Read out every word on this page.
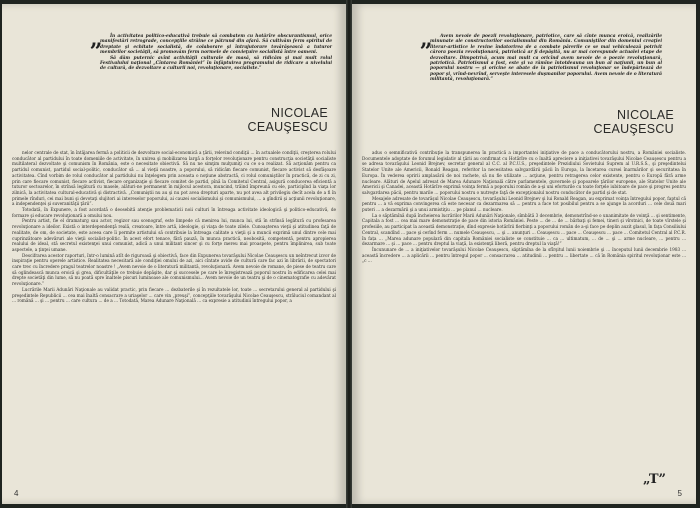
„	În activitatea politico-educativă trebuie să combatem cu hotărîre obscurantismul, orice manifestări retrograde, concepţiile străine ce pătrund din afară. Să cultivăm ferm spiritul de dreptate şi echitate socialistă, de colaborare şi întrajutorare tovărăşească a tuturor membrilor societăţii, să promovăm ferm normele de convieţuire socialistă între oameni.

Să dăm puternic avînt activităţii culturale de masă, să ridicăm şi mai mult rolul Festivalului naţional „Cîntarea României” în înfăptuirea programului de ridicare a nivelului de cultură, de dezvoltare a culturii noi, revoluţionare, socialiste.”

NICOLAE CEAUŞESCU

nelor centrale de stat, în întăjarea fermă a politicii de dezvoltare social-economică a ţării, relevind condiţii ... în actualele condiţii, creşterea rolului conducător al partidului în toate domeniile de activitate, în unirea şi mobilizarea largă a forţelor revoluţionare pentru construcţia societăţii socialiste multilateral dezvoltate şi comunism în România, este o necesitate obiectivă. Să nu ne simţim mulţumiţi cu ce s-a realizat. Să acţionăm pentru ca partidul comunist, partidul social-politic, conducător să ... al vieţii noastre, a poporului, să ridicăm fiecare comunist, fiecare activist să desfăşoare activitatea. Cînd vorbim de rolul conducător al partidului nu înţelegem prin aceasta o noţiune abstractă, ci rolul comuniştilor în practică, de zi cu zi, prin care fiecare comunist, fiecare activist, fiecare organizaţie şi fiecare comitet de partid, pînă la Comitetul Central, asigură conducerea eficientă a tuturor sectoarelor, în strînsă legătură cu masele, alături-ne permanent în mijlocul acestora, muncind, trăind împreună cu ele, participînd la viaţa lor zilnică, la activitatea cultural-educativă şi distractivă. „Comuniştii nu au şi nu pot avea drepturi aparte, nu pot avea alt privilegiu decît acela de a fi în primele rînduri, cei mai buni şi devotaţi slujitori ai intereselor poporului, ai cauzei socialismului şi comunismului, ... a gîndirii şi acţiunii revoluţionare, a independenţei şi suveranităţii ţării”.

Totodată, în Expunere, a fost acordată o deosebită atenţie problematicii noii culturi în întreaga activitate ideologică şi politico-educativă, de formare şi educare revoluţionară a omului nou.

Pentru artist, fie el dramaturg sau actor, regizor sau scenograf, este limpede că menirea lui, munca lui, stă în strînsă legătură cu profesarea revoluţionare a ideilor. Există o interdependenţă reală, creatoare, între artă, ideologie, şi viaţa de toate zilele. Cunoaşterea vieţii şi atitudinea faţă de realitate, de om, de societate, este aceea care îi permite artistului să contribuie la întreaga calitate a vieţii şi a muncii exprimă unul dintre cele mai cuprinzătoare adevăruri ale vieţii socialist-politic. În acest efort tenace, fără pauză, în munca practică, neobosită, competentă, pentru apropierea realului de ideal, stă secretul existenţei unui comunist, adică a unui militant sincer şi cu forţe mereu mai proaspete, pentru împlinirea, sub toate aspectele, a ţinţei umane.

Descifrarea acestor raporturi, într-o lumină atît de riguroasă şi obiectivă, face din Expunerea tovarăşului Nicolae Ceauşescu un neîntrecut izvor de inspiraţie pentru operele artistice. Realitatea necesitară ale condiţiei omului de azi, aici cîntate avide de cultură care fac azi în librării, de spectatori care trec cu încredere pragul teatrelor noastre ! „Avem nevoie de o literatură militantă, revoluţionară. Avem nevoie de romane, de piese de teatru care să oglindească munca eroică şi grea, dificultăţile ce trebuie depăşite, dar şi succesele pe care le înregistrează poporul nostru în edificarea celei mai drepte societăţi din lume, să nu poată spre înaltele piscuri luminoase ale comunismului... Avem nevoie de un teatru şi de o cinematografie cu adevărat revoluţionare.”

Lucrările Marii Adunări Naţionale au validat practic, prin fiecare ... dezbaterile şi în rezultatele lor, toate ... secretarului general al partidului şi preşedintele Republicii ... cea mai înaltă consacrare a uriaşelor ... care vin „preuşi”, concepţiile tovarăşului Nicolae Ceauşescu, străluciul comandant al ... română ... şi ... pentru ... care cultura ... de a ... Totodată, Marea Adunare Naţională ... ca expresie a atitudinii întregului popor, a

4
„	Avem nevoie de poezii revoluţionare, patriotice, care să cînte munca eroică, realizările minunate ale constructorilor socialismului din România. Comuniştilor din domeniul creaţiei literar-artistice le revine îndatorirea de a combate părerile ce se mai vehiculează potrivit cărora poezia revoluţionară, patriotică ar fi depăşită, nu ar mai corespunde actualei etape de dezvoltare. Dimpotrivă, acum mai mult ca oricînd avem nevoie de o poezie revoluţionară, patriotică. Patriotismul a fost, este şi va rămîne întotdeauna un bun al naţiunii, un bun al poporului nostru — şi oricine se abate de la patriotismul revoluţionar se îndepărtează de popor şi, vrînd-nevrînd, serveşte interesele duşmanilor poporului. Avem nevoie de o literatură militantă, revoluţionară.”

NICOLAE CEAUŞESCU

adus o semnificativă contribuţie la transpunerea în practică a importantei iniţiative de pace a conducătorului nostru, a României socialiste. Documentele adoptate de forumul legislativ al ţării au confirmat cu Hotărîre cu o înaltă apreciere a iniţiativei tovarăşului Nicolae Ceauşescu pentru a se adresa tovarăşului Leonid Brejnev, secretar general al C.C. al P.C.U.S., preşedintele Prezidiului Sovietului Suprem al U.R.S.S., şi preşedintelui Statelor Unite ale Americii, Ronald Reagan, referitor la necesitatea salvgardării păcii în Europa, la încetarea cursei înarmărilor şi securitatea în Europa. În vederea opririi amplasării de noi rachete, să nu fie utilizate ... acţiune, pentru retragerea celor existente, pentru o Europă fără arme nucleare. Alături de Apelul adresat de Marea Adunare Naţională către parlamentele, guvernele şi popoarele ţărilor europene, ale Statelor Unite ale Americii şi Canadei, această Hotărîre exprimă voinţa fermă a poporului român de a-şi uni eforturile cu toate forţele iubitoare de pace şi progres pentru salvgardarea păcii, pentru marile ... poporului nostru o nutreşte faţă de excepţionalul nostru conducător de partid şi de stat.

Mesajele adresate de tovarăşul Nicolae Ceauşescu, tovarăşului Leonid Brejnev şi lui Ronald Reagan, au exprimat voinţa întregului popor, faptul că pentru ... a vă exprima convingerea că este necesar ca dezarmarea să ... pentru a face tot posibilul pentru a se ajunge la acorduri ... cele două mari puteri ... a dezarmării şi a unui armistiţiu ... pe planul ... nucleare.

La o săptămînă după încheierea lucrărilor Marii Adunări Naţionale, sîmbătă 3 decembrie, demonstrînd-se o unanimitate de voinţă ... şi sentimente, Capitala a fost ... cea mai mare demonstraţie de pace din istoria României. Peste ... de ... de ... bărbaţi şi femei, tineri şi vîrstnici, de toate vîrstele şi profesiile, au participat la această demonstraţie, dînd expresie hotărîrii fierbinţi a poporului român de a-şi face pe deplin auzit glasul, în faţa Consiliului Central, scandînd ... pace şi cerînd ferm ... numele Ceauşescu, ... şi ... anunţuri ... Ceauşescu ... pace ... Ceauşescu ... pace ... Comitetul Central al P.C.R. în fața ... „Marea adunare populară din capitala României socialiste se constituie ... ca ... ultimatum, ... de ... şi ... arme nucleare, ... pentru ... dezarmare ... şi ... pace ... pentru dreptul la viaţă, la existenţă liberă, pentru dreptul la viaţă!”

Încununare de ... a iniţiativelor tovarăşului Nicolae Ceauşescu, săptămîna de la sfîrşitul lunii noiembrie şi ... începutul lunii decembrie 1983 ... această încredere ... a aplicării ... pentru întregul popor ... consacrarea ... atitudinii ... pentru ... libertate ... că în România spiritul revoluţionar este ... „c ...

„T”
5
